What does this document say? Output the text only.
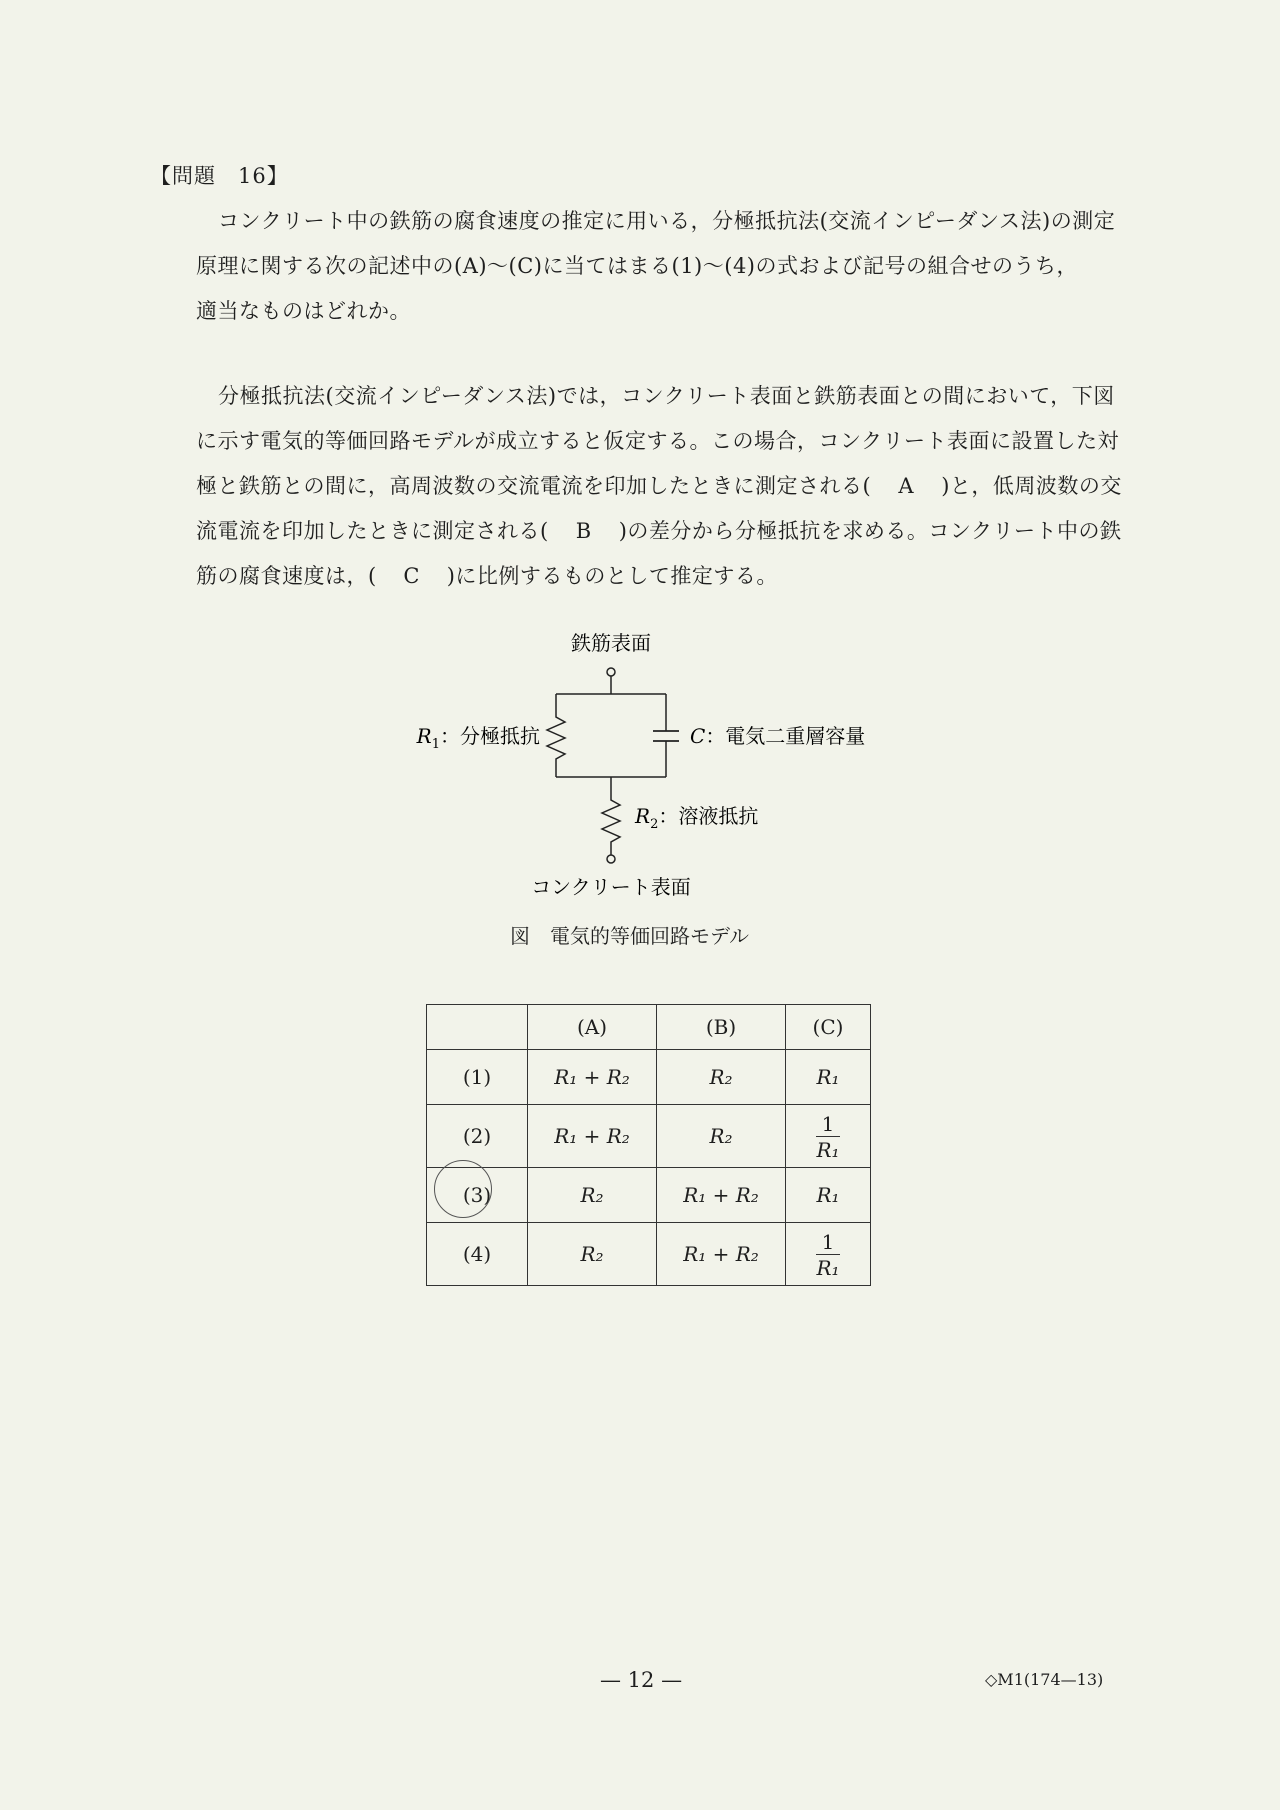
【問題　16】
コンクリート中の鉄筋の腐食速度の推定に用いる，分極抵抗法(交流インピーダンス法)の測定
原理に関する次の記述中の(A)～(C)に当てはまる(1)～(4)の式および記号の組合せのうち，
適当なものはどれか。
分極抵抗法(交流インピーダンス法)では，コンクリート表面と鉄筋表面との間において，下図
に示す電気的等価回路モデルが成立すると仮定する。この場合，コンクリート表面に設置した対
極と鉄筋との間に，高周波数の交流電流を印加したときに測定される( A )と，低周波数の交
流電流を印加したときに測定される( B )の差分から分極抵抗を求める。コンクリート中の鉄
筋の腐食速度は，( C )に比例するものとして推定する。
鉄筋表面
コンクリート表面
$R_1$：分極抵抗	C：電気二重層容量
$R_2$：溶液抵抗
図　電気的等価回路モデル
	(A)	(B)	(C)
(1)	R₁ + R₂	R₂	R₁
(2)	R₁ + R₂	R₂	$\frac{1}{\text{R₁}}$

(3)	R₂	R₁ + R₂	R₁
(4)	R₂	R₁ + R₂	$\frac{1}{\text{R₁}}$
— 12 —	◇M1(174—13)
